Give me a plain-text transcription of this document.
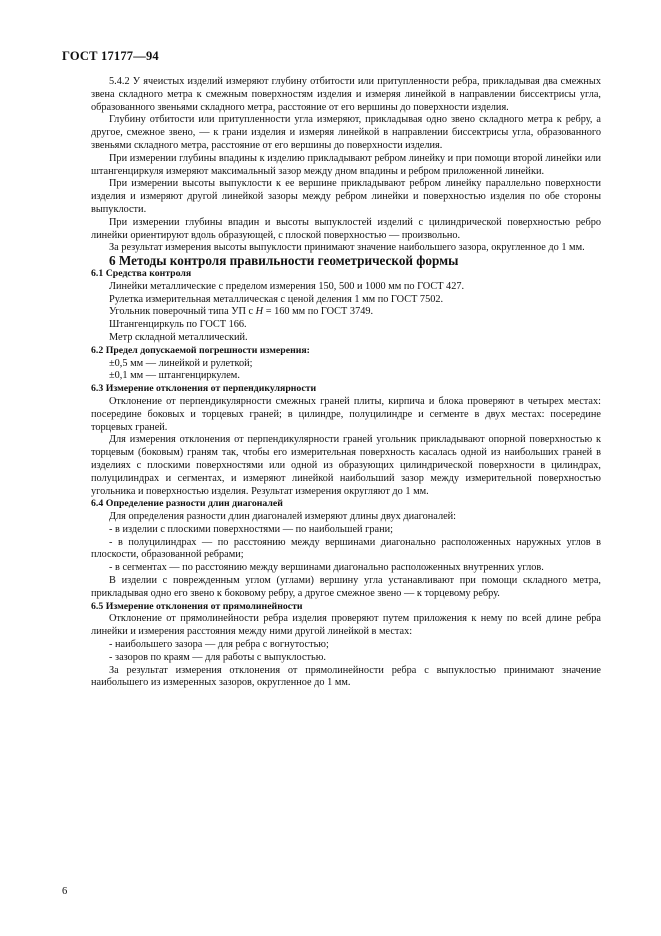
ГОСТ 17177—94

5.4.2 У ячеистых изделий измеряют глубину отбитости или притупленности ребра, прикладывая два смежных звена складного метра к смежным поверхностям изделия и измеряя линейкой в направлении биссектрисы угла, образованного звеньями складного метра, расстояние от его вершины до поверхности изделия.

Глубину отбитости или притупленности угла измеряют, прикладывая одно звено складного метра к ребру, а другое, смежное звено, — к грани изделия и измеряя линейкой в направлении биссектрисы угла, образованного звеньями складного метра, расстояние от его вершины до поверхности изделия.

При измерении глубины впадины к изделию прикладывают ребром линейку и при помощи второй линейки или штангенциркуля измеряют максимальный зазор между дном впадины и ребром приложенной линейки.

При измерении высоты выпуклости к ее вершине прикладывают ребром линейку параллельно поверхности изделия и измеряют другой линейкой зазоры между ребром линейки и поверхностью изделия по обе стороны выпуклости.

При измерении глубины впадин и высоты выпуклостей изделий с цилиндрической поверхностью ребро линейки ориентируют вдоль образующей, с плоской поверхностью — произвольно.

За результат измерения высоты выпуклости принимают значение наибольшего зазора, округленное до 1 мм.

6 Методы контроля правильности геометрической формы

6.1 Средства контроля

Линейки металлические с пределом измерения 150, 500 и 1000 мм по ГОСТ 427.

Рулетка измерительная металлическая с ценой деления 1 мм по ГОСТ 7502.

Угольник поверочный типа УП с H = 160 мм по ГОСТ 3749.

Штангенциркуль по ГОСТ 166.

Метр складной металлический.

6.2 Предел допускаемой погрешности измерения:

±0,5 мм — линейкой и рулеткой;

±0,1 мм — штангенциркулем.

6.3 Измерение отклонения от перпендикулярности

Отклонение от перпендикулярности смежных граней плиты, кирпича и блока проверяют в четырех местах: посередине боковых и торцевых граней; в цилиндре, полуцилиндре и сегменте в двух местах: посередине торцевых граней.

Для измерения отклонения от перпендикулярности граней угольник прикладывают опорной поверхностью к торцевым (боковым) граням так, чтобы его измерительная поверхность касалась одной из наибольших граней в изделиях с плоскими поверхностями или одной из образующих цилиндрической поверхности в цилиндрах, полуцилиндрах и сегментах, и измеряют линейкой наибольший зазор между измерительной поверхностью угольника и поверхностью изделия. Результат измерения округляют до 1 мм.

6.4 Определение разности длин диагоналей

Для определения разности длин диагоналей измеряют длины двух диагоналей:

- в изделии с плоскими поверхностями — по наибольшей грани;

- в полуцилиндрах — по расстоянию между вершинами диагонально расположенных наружных углов в плоскости, образованной ребрами;

- в сегментах — по расстоянию между вершинами диагонально расположенных внутренних углов.

В изделии с поврежденным углом (углами) вершину угла устанавливают при помощи складного метра, прикладывая одно его звено к боковому ребру, а другое смежное звено — к торцевому ребру.

6.5 Измерение отклонения от прямолинейности

Отклонение от прямолинейности ребра изделия проверяют путем приложения к нему по всей длине ребра линейки и измерения расстояния между ними другой линейкой в местах:

- наибольшего зазора — для ребра с вогнутостью;

- зазоров по краям — для работы с выпуклостью.

За результат измерения отклонения от прямолинейности ребра с выпуклостью принимают значение наибольшего из измеренных зазоров, округленное до 1 мм.

6
